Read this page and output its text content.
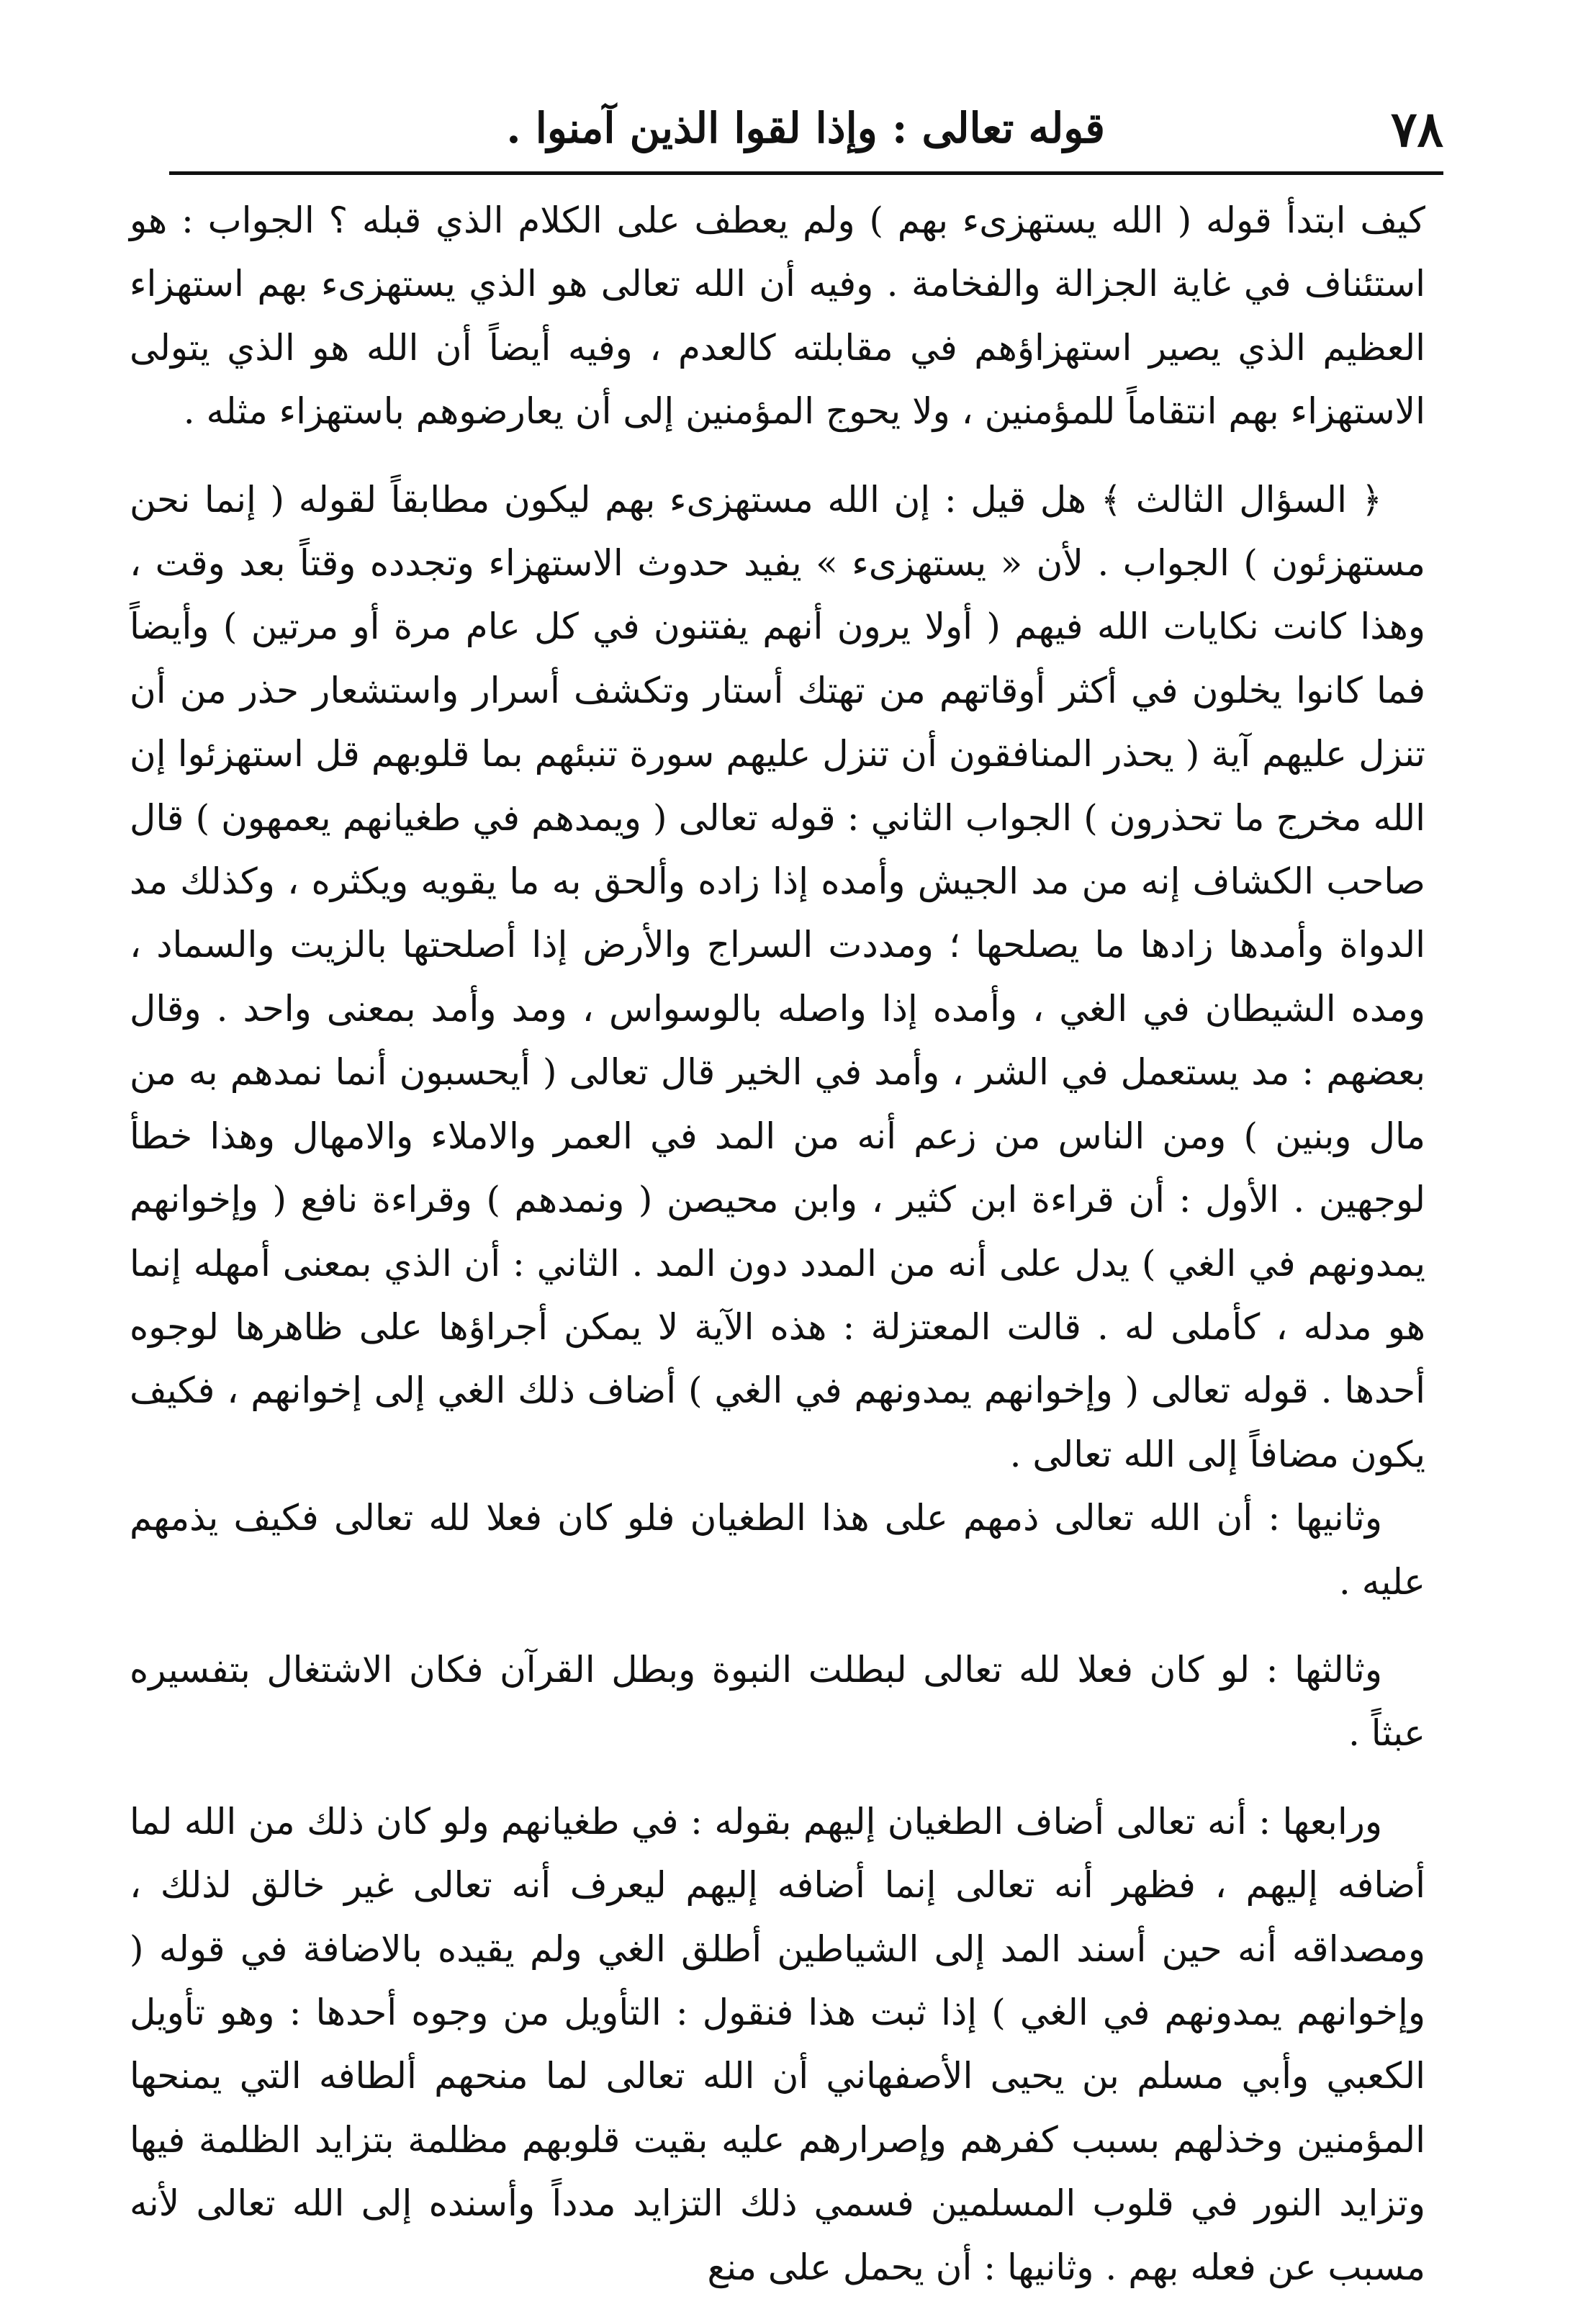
٧٨
قوله تعالى : وإذا لقوا الذين آمنوا .

كيف ابتدأ قوله ( الله يستهزىء بهم ) ولم يعطف على الكلام الذي قبله ؟ الجواب : هو استئناف في غاية الجزالة والفخامة . وفيه أن الله تعالى هو الذي يستهزىء بهم استهزاء العظيم الذي يصير استهزاؤهم في مقابلته كالعدم ، وفيه أيضاً أن الله هو الذي يتولى الاستهزاء بهم انتقاماً للمؤمنين ، ولا يحوج المؤمنين إلى أن يعارضوهم باستهزاء مثله .

﴿ السؤال الثالث ﴾ هل قيل : إن الله مستهزىء بهم ليكون مطابقاً لقوله ( إنما نحن مستهزئون ) الجواب . لأن « يستهزىء » يفيد حدوث الاستهزاء وتجدده وقتاً بعد وقت ، وهذا كانت نكايات الله فيهم ( أولا يرون أنهم يفتنون في كل عام مرة أو مرتين ) وأيضاً فما كانوا يخلون في أكثر أوقاتهم من تهتك أستار وتكشف أسرار واستشعار حذر من أن تنزل عليهم آية ( يحذر المنافقون أن تنزل عليهم سورة تنبئهم بما قلوبهم قل استهزئوا إن الله مخرج ما تحذرون ) الجواب الثاني : قوله تعالى ( ويمدهم في طغيانهم يعمهون ) قال صاحب الكشاف إنه من مد الجيش وأمده إذا زاده وألحق به ما يقويه ويكثره ، وكذلك مد الدواة وأمدها زادها ما يصلحها ؛ ومددت السراج والأرض إذا أصلحتها بالزيت والسماد ، ومده الشيطان في الغي ، وأمده إذا واصله بالوسواس ، ومد وأمد بمعنى واحد . وقال بعضهم : مد يستعمل في الشر ، وأمد في الخير قال تعالى ( أيحسبون أنما نمدهم به من مال وبنين ) ومن الناس من زعم أنه من المد في العمر والاملاء والامهال وهذا خطأ لوجهين . الأول : أن قراءة ابن كثير ، وابن محيصن ( ونمدهم ) وقراءة نافع ( وإخوانهم يمدونهم في الغي ) يدل على أنه من المدد دون المد . الثاني : أن الذي بمعنى أمهله إنما هو مدله ، كأملى له . قالت المعتزلة : هذه الآية لا يمكن أجراؤها على ظاهرها لوجوه أحدها . قوله تعالى ( وإخوانهم يمدونهم في الغي ) أضاف ذلك الغي إلى إخوانهم ، فكيف يكون مضافاً إلى الله تعالى .

وثانيها : أن الله تعالى ذمهم على هذا الطغيان فلو كان فعلا لله تعالى فكيف يذمهم عليه .

وثالثها : لو كان فعلا لله تعالى لبطلت النبوة وبطل القرآن فكان الاشتغال بتفسيره عبثاً .

ورابعها : أنه تعالى أضاف الطغيان إليهم بقوله : في طغيانهم ولو كان ذلك من الله لما أضافه إليهم ، فظهر أنه تعالى إنما أضافه إليهم ليعرف أنه تعالى غير خالق لذلك ، ومصداقه أنه حين أسند المد إلى الشياطين أطلق الغي ولم يقيده بالاضافة في قوله ( وإخوانهم يمدونهم في الغي ) إذا ثبت هذا فنقول : التأويل من وجوه أحدها : وهو تأويل الكعبي وأبي مسلم بن يحيى الأصفهاني أن الله تعالى لما منحهم ألطافه التي يمنحها المؤمنين وخذلهم بسبب كفرهم وإصرارهم عليه بقيت قلوبهم مظلمة بتزايد الظلمة فيها وتزايد النور في قلوب المسلمين فسمي ذلك التزايد مدداً وأسنده إلى الله تعالى لأنه مسبب عن فعله بهم . وثانيها : أن يحمل على منع
